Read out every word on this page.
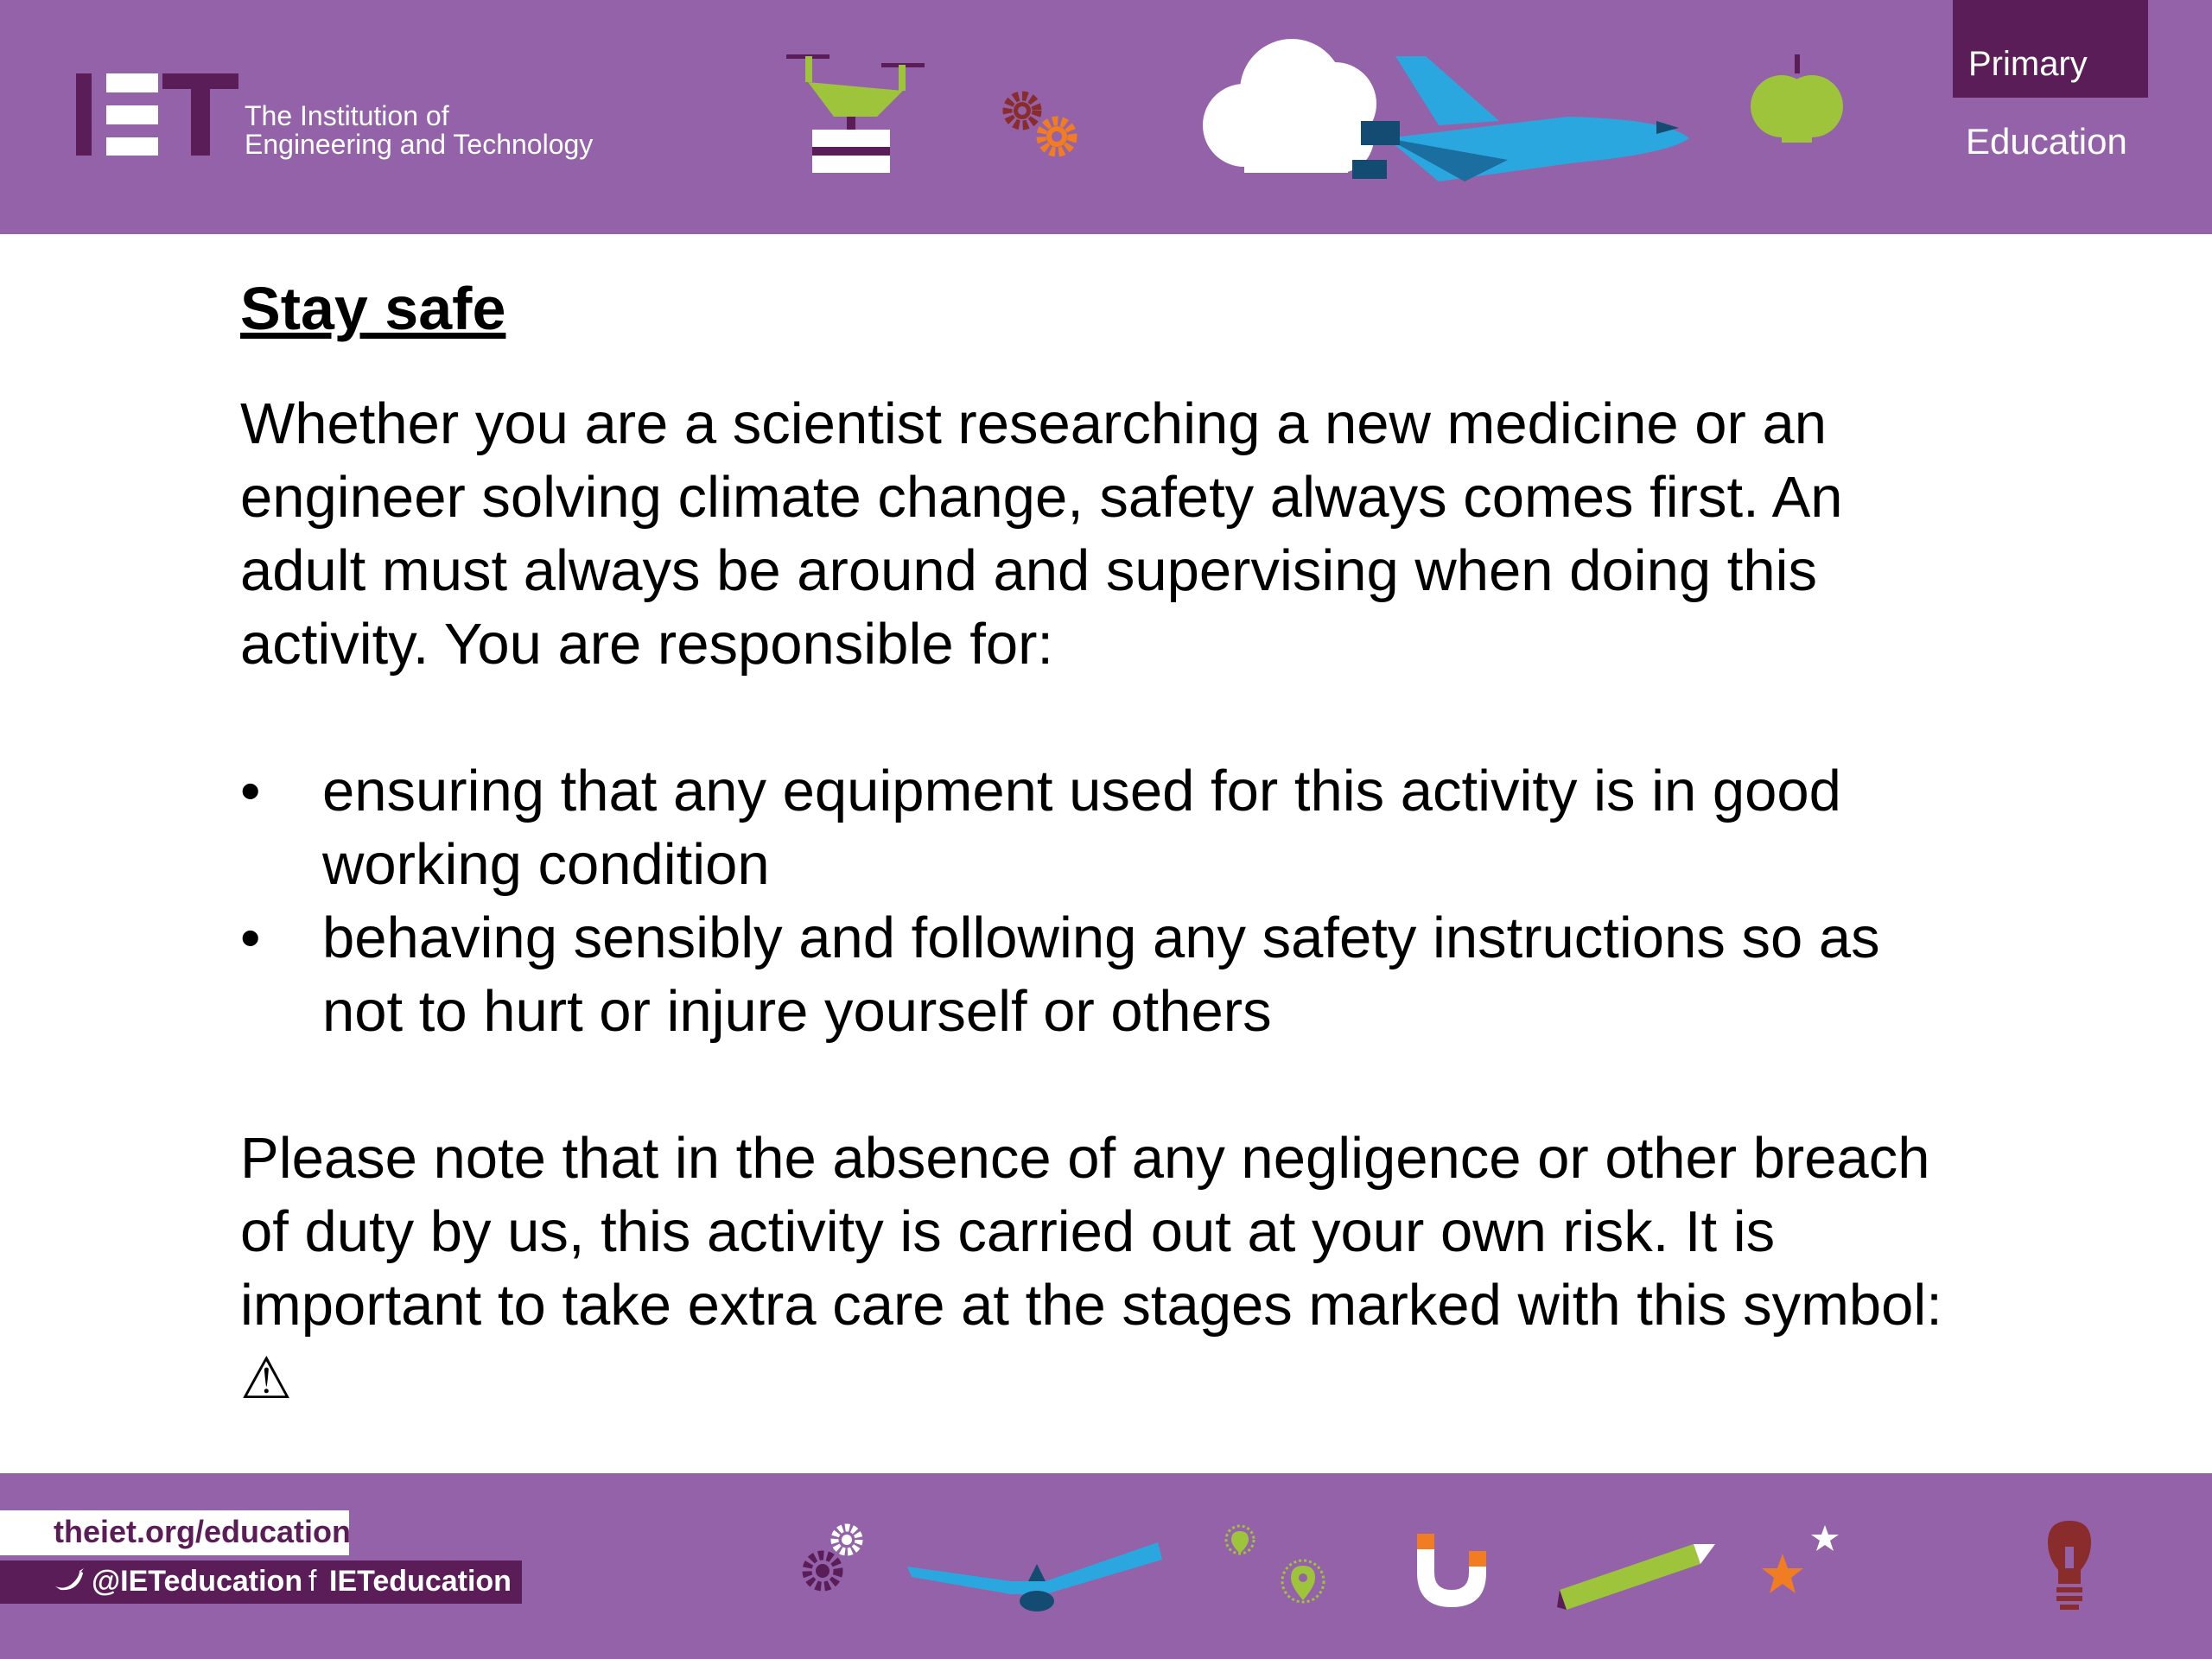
The Institution of
Engineering and Technology
Primary
Education
Stay safe

Whether you are a scientist researching a new medicine or an engineer solving climate change, safety always comes first. An adult must always be around and supervising when doing this activity. You are responsible for:

• ensuring that any equipment used for this activity is in good working condition
• behaving sensibly and following any safety instructions so as not to hurt or injure yourself or others

Please note that in the absence of any negligence or other breach of duty by us, this activity is carried out at your own risk. It is important to take extra care at the stages marked with this symbol: ⚠

theiet.org/education
@IETeducation f IETeducation
